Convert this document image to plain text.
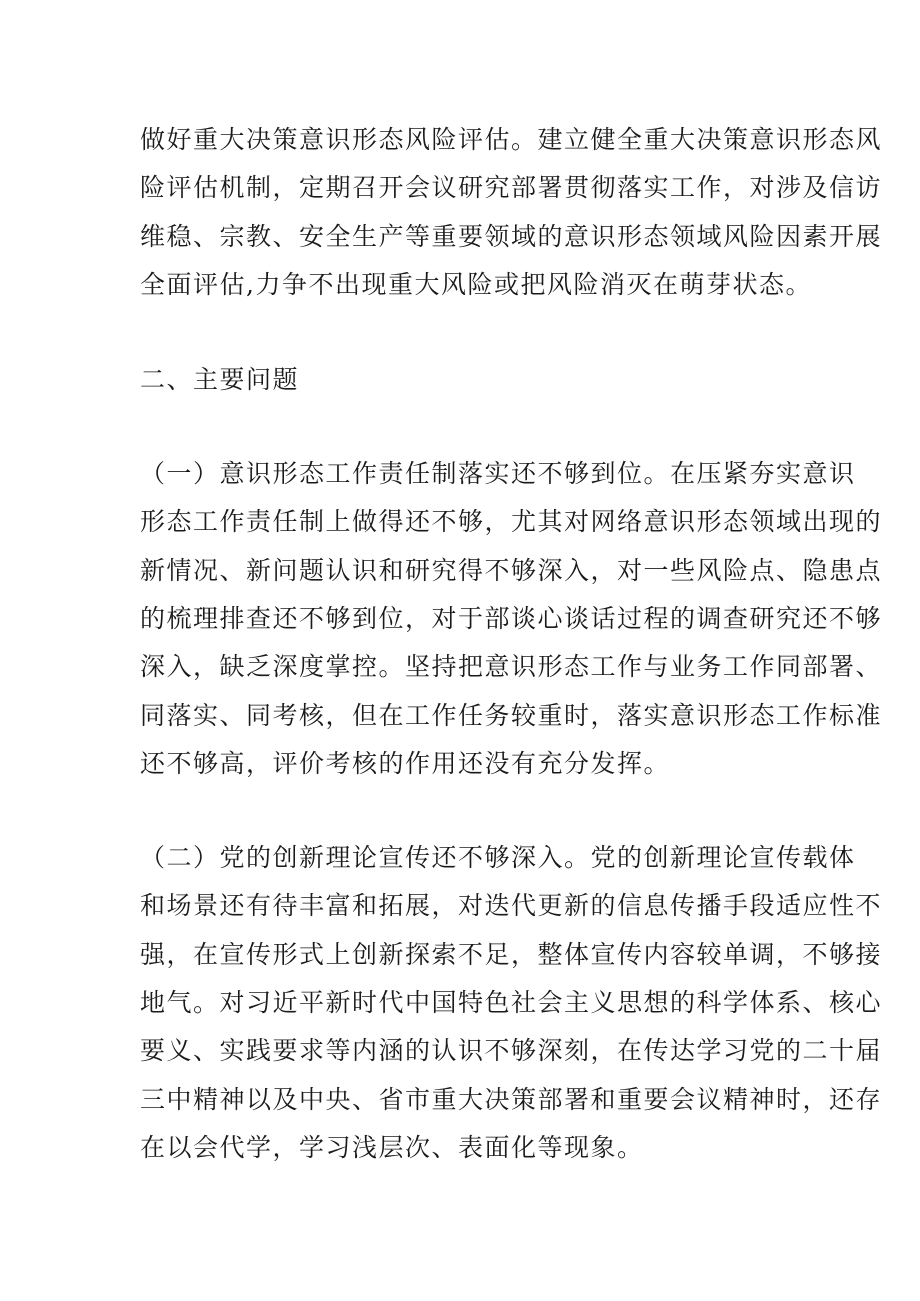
做好重大决策意识形态风险评估。建立健全重大决策意识形态风
险评估机制，定期召开会议研究部署贯彻落实工作，对涉及信访
维稳、宗教、安全生产等重要领域的意识形态领域风险因素开展
全面评估,力争不出现重大风险或把风险消灭在萌芽状态。
二、主要问题
（一）意识形态工作责任制落实还不够到位。在压紧夯实意识
形态工作责任制上做得还不够，尤其对网络意识形态领域出现的
新情况、新问题认识和研究得不够深入，对一些风险点、隐患点
的梳理排查还不够到位，对于部谈心谈话过程的调查研究还不够
深入，缺乏深度掌控。坚持把意识形态工作与业务工作同部署、
同落实、同考核，但在工作任务较重时，落实意识形态工作标准
还不够高，评价考核的作用还没有充分发挥。
（二）党的创新理论宣传还不够深入。党的创新理论宣传载体
和场景还有待丰富和拓展，对迭代更新的信息传播手段适应性不
强，在宣传形式上创新探索不足，整体宣传内容较单调，不够接
地气。对习近平新时代中国特色社会主义思想的科学体系、核心
要义、实践要求等内涵的认识不够深刻，在传达学习党的二十届
三中精神以及中央、省市重大决策部署和重要会议精神时，还存
在以会代学，学习浅层次、表面化等现象。
